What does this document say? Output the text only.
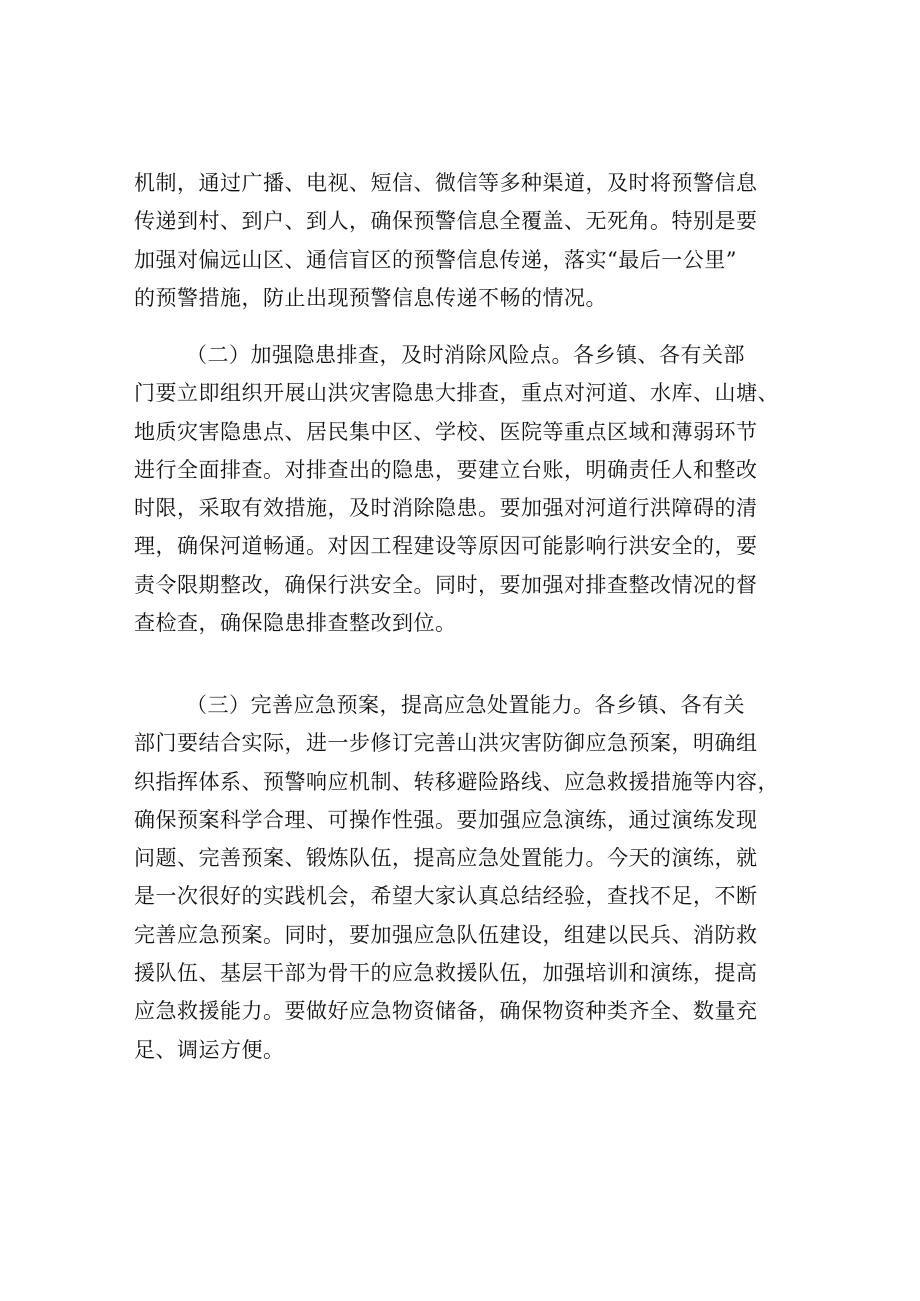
机制，通过广播、电视、短信、微信等多种渠道，及时将预警信息
传递到村、到户、到人，确保预警信息全覆盖、无死角。特别是要
加强对偏远山区、通信盲区的预警信息传递，落实“最后一公里”
的预警措施，防止出现预警信息传递不畅的情况。
（二）加强隐患排查，及时消除风险点。各乡镇、各有关部
门要立即组织开展山洪灾害隐患大排查，重点对河道、水库、山塘、
地质灾害隐患点、居民集中区、学校、医院等重点区域和薄弱环节
进行全面排查。对排查出的隐患，要建立台账，明确责任人和整改
时限，采取有效措施，及时消除隐患。要加强对河道行洪障碍的清
理，确保河道畅通。对因工程建设等原因可能影响行洪安全的，要
责令限期整改，确保行洪安全。同时，要加强对排查整改情况的督
查检查，确保隐患排查整改到位。
（三）完善应急预案，提高应急处置能力。各乡镇、各有关
部门要结合实际，进一步修订完善山洪灾害防御应急预案，明确组
织指挥体系、预警响应机制、转移避险路线、应急救援措施等内容，
确保预案科学合理、可操作性强。要加强应急演练，通过演练发现
问题、完善预案、锻炼队伍，提高应急处置能力。今天的演练，就
是一次很好的实践机会，希望大家认真总结经验，查找不足，不断
完善应急预案。同时，要加强应急队伍建设，组建以民兵、消防救
援队伍、基层干部为骨干的应急救援队伍，加强培训和演练，提高
应急救援能力。要做好应急物资储备，确保物资种类齐全、数量充
足、调运方便。
